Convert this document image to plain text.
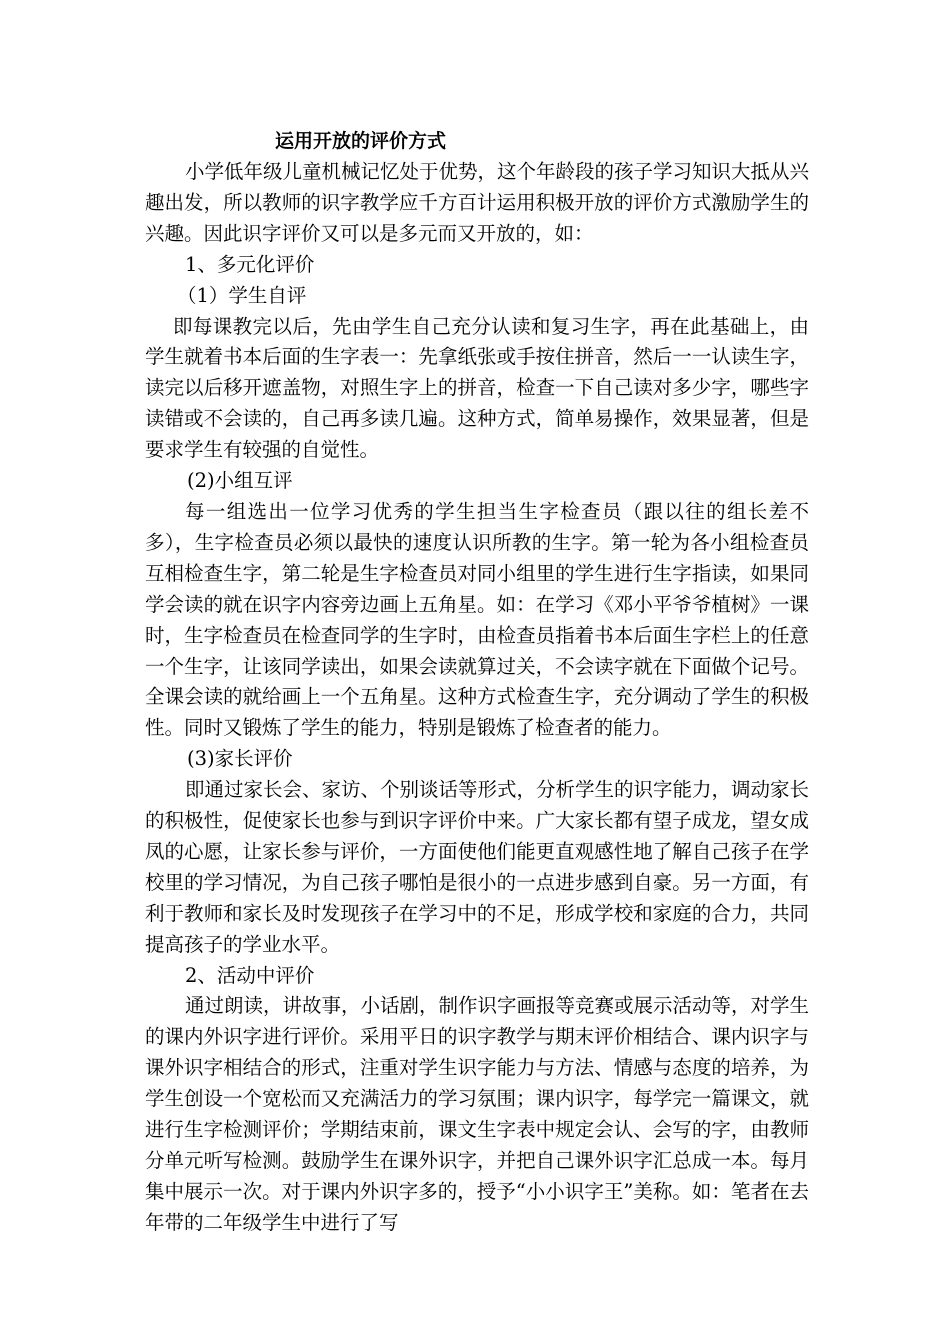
运用开放的评价方式

小学低年级儿童机械记忆处于优势，这个年龄段的孩子学习知识大抵从兴趣出发，所以教师的识字教学应千方百计运用积极开放的评价方式激励学生的兴趣。因此识字评价又可以是多元而又开放的，如：

1、多元化评价

（1）学生自评

即每课教完以后，先由学生自己充分认读和复习生字，再在此基础上，由学生就着书本后面的生字表一：先拿纸张或手按住拼音，然后一一认读生字，读完以后移开遮盖物，对照生字上的拼音，检查一下自己读对多少字，哪些字读错或不会读的，自己再多读几遍。这种方式，简单易操作，效果显著，但是要求学生有较强的自觉性。

(2)小组互评

每一组选出一位学习优秀的学生担当生字检查员（跟以往的组长差不多），生字检查员必须以最快的速度认识所教的生字。第一轮为各小组检查员互相检查生字，第二轮是生字检查员对同小组里的学生进行生字指读，如果同学会读的就在识字内容旁边画上五角星。如：在学习《邓小平爷爷植树》一课时，生字检查员在检查同学的生字时，由检查员指着书本后面生字栏上的任意一个生字，让该同学读出，如果会读就算过关，不会读字就在下面做个记号。全课会读的就给画上一个五角星。这种方式检查生字，充分调动了学生的积极性。同时又锻炼了学生的能力，特别是锻炼了检查者的能力。

(3)家长评价

即通过家长会、家访、个别谈话等形式，分析学生的识字能力，调动家长的积极性，促使家长也参与到识字评价中来。广大家长都有望子成龙，望女成凤的心愿，让家长参与评价，一方面使他们能更直观感性地了解自己孩子在学校里的学习情况，为自己孩子哪怕是很小的一点进步感到自豪。另一方面，有利于教师和家长及时发现孩子在学习中的不足，形成学校和家庭的合力，共同提高孩子的学业水平。

2、活动中评价

通过朗读，讲故事，小话剧，制作识字画报等竞赛或展示活动等，对学生的课内外识字进行评价。采用平日的识字教学与期末评价相结合、课内识字与课外识字相结合的形式，注重对学生识字能力与方法、情感与态度的培养，为学生创设一个宽松而又充满活力的学习氛围；课内识字，每学完一篇课文，就进行生字检测评价；学期结束前，课文生字表中规定会认、会写的字，由教师分单元听写检测。鼓励学生在课外识字，并把自己课外识字汇总成一本。每月集中展示一次。对于课内外识字多的，授予“小小识字王”美称。如：笔者在去年带的二年级学生中进行了写
